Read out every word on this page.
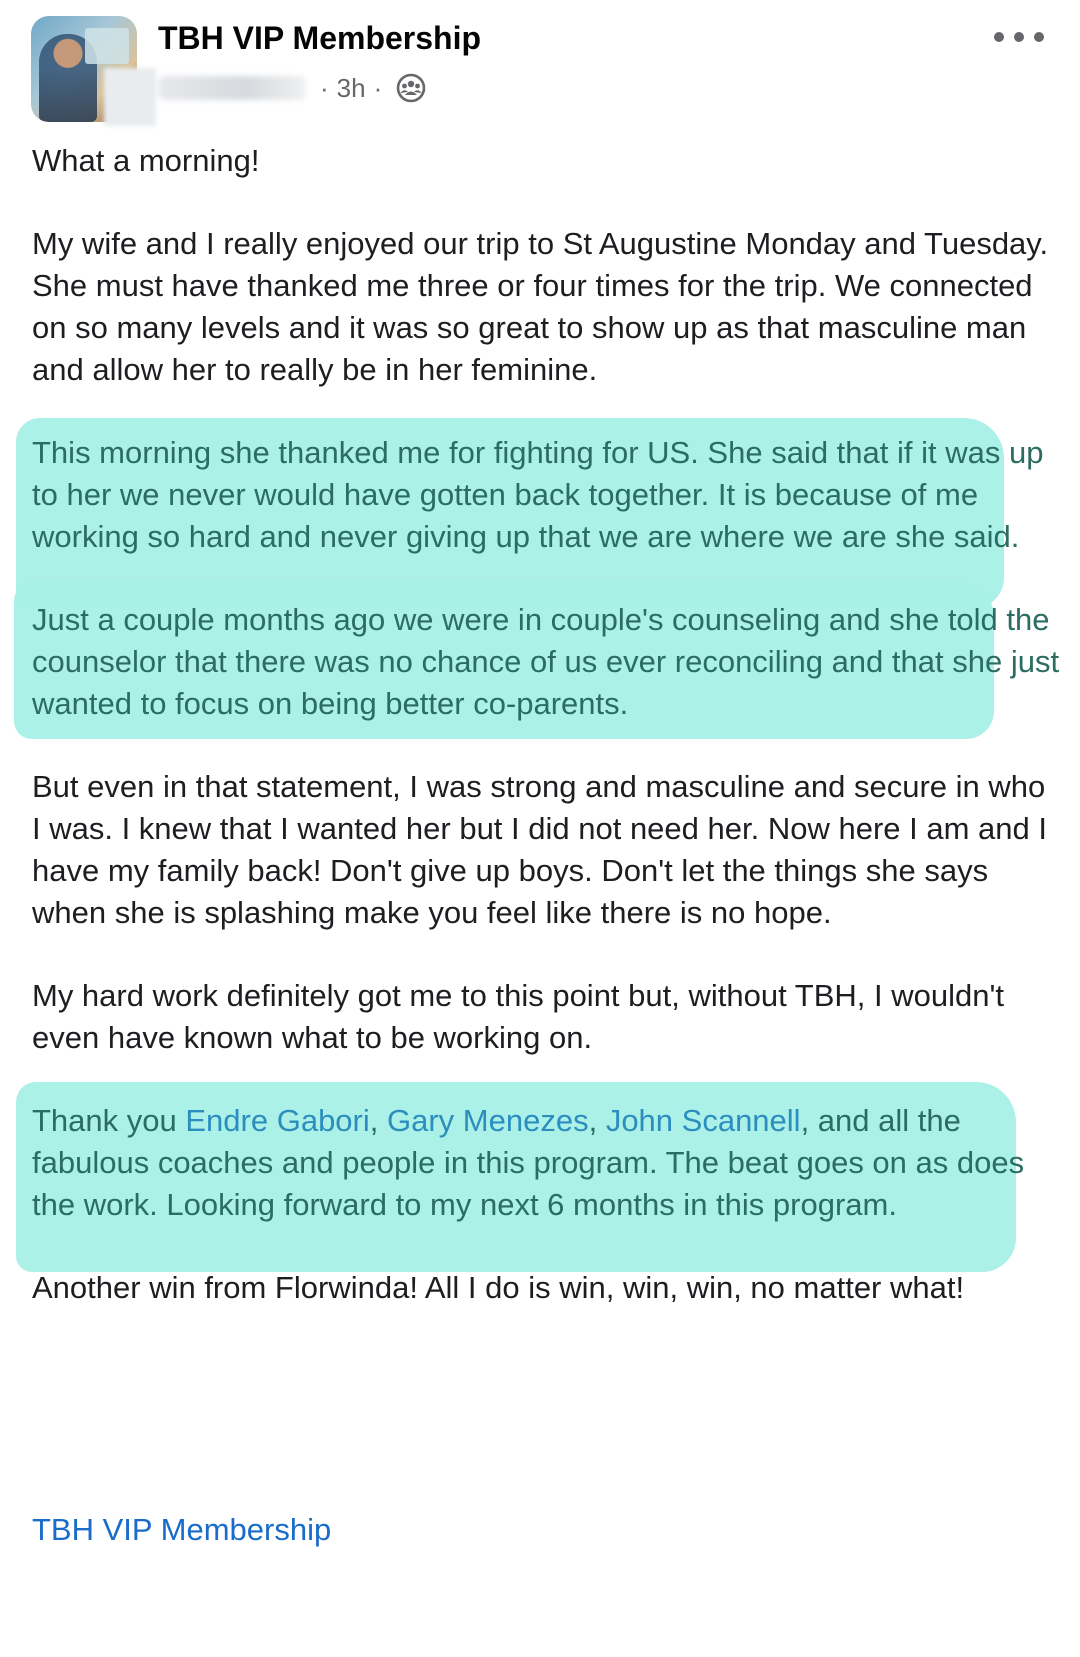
TBH VIP Membership
· 3h ·

What a morning!

My wife and I really enjoyed our trip to St Augustine Monday and Tuesday. She must have thanked me three or four times for the trip. We connected on so many levels and it was so great to show up as that masculine man and allow her to really be in her feminine.

This morning she thanked me for fighting for US. She said that if it was up to her we never would have gotten back together. It is because of me working so hard and never giving up that we are where we are she said.

Just a couple months ago we were in couple's counseling and she told the counselor that there was no chance of us ever reconciling and that she just wanted to focus on being better co-parents.

But even in that statement, I was strong and masculine and secure in who I was. I knew that I wanted her but I did not need her. Now here I am and I have my family back! Don't give up boys. Don't let the things she says when she is splashing make you feel like there is no hope.

My hard work definitely got me to this point but, without TBH, I wouldn't even have known what to be working on.

Thank you Endre Gabori, Gary Menezes, John Scannell, and all the fabulous coaches and people in this program. The beat goes on as does the work. Looking forward to my next 6 months in this program.

Another win from Florwinda! All I do is win, win, win, no matter what!

TBH VIP Membership
